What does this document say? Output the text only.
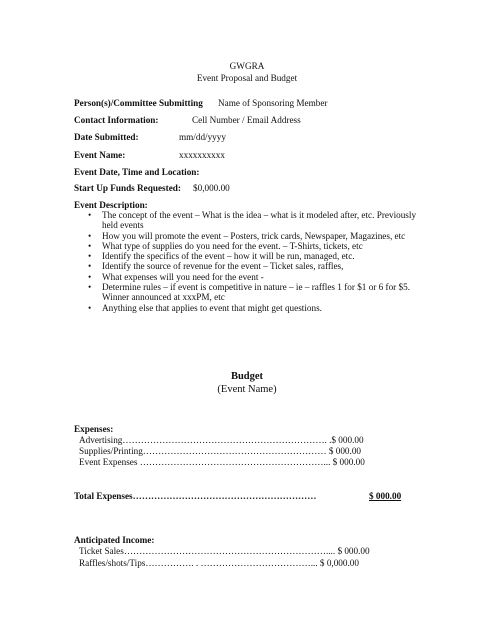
GWGRA
Event Proposal and Budget
Person(s)/Committee Submitting Name of Sponsoring Member
Contact Information:	Cell Number / Email Address
Date Submitted:	mm/dd/yyyy
Event Name:	xxxxxxxxxx
Event Date, Time and Location:
Start Up Funds Requested: $0,000.00
Event Description:
• The concept of the event – What is the idea – what is it modeled after, etc. Previously held events
• How you will promote the event – Posters, trick cards, Newspaper, Magazines, etc
• What type of supplies do you need for the event. – T-Shirts, tickets, etc
• Identify the specifics of the event – how it will be run, managed, etc.
• Identify the source of revenue for the event – Ticket sales, raffles,
• What expenses will you need for the event -
• Determine rules – if event is competitive in nature – ie – raffles 1 for $1 or 6 for $5. Winner announced at xxxPM, etc
• Anything else that applies to event that might get questions.
Budget
(Event Name)
Expenses:
Advertising…………………………………………………………. .$ 000.00
Supplies/Printing…………………………………………………… $ 000.00
Event Expenses ……………………………………………………... $ 000.00
Total Expenses……………………………………………………	$ 000.00
Anticipated Income:
Ticket Sales………………………………………………………….... $ 000.00
Raffles/shots/Tips……………. . ………………………………... $ 0,000.00
